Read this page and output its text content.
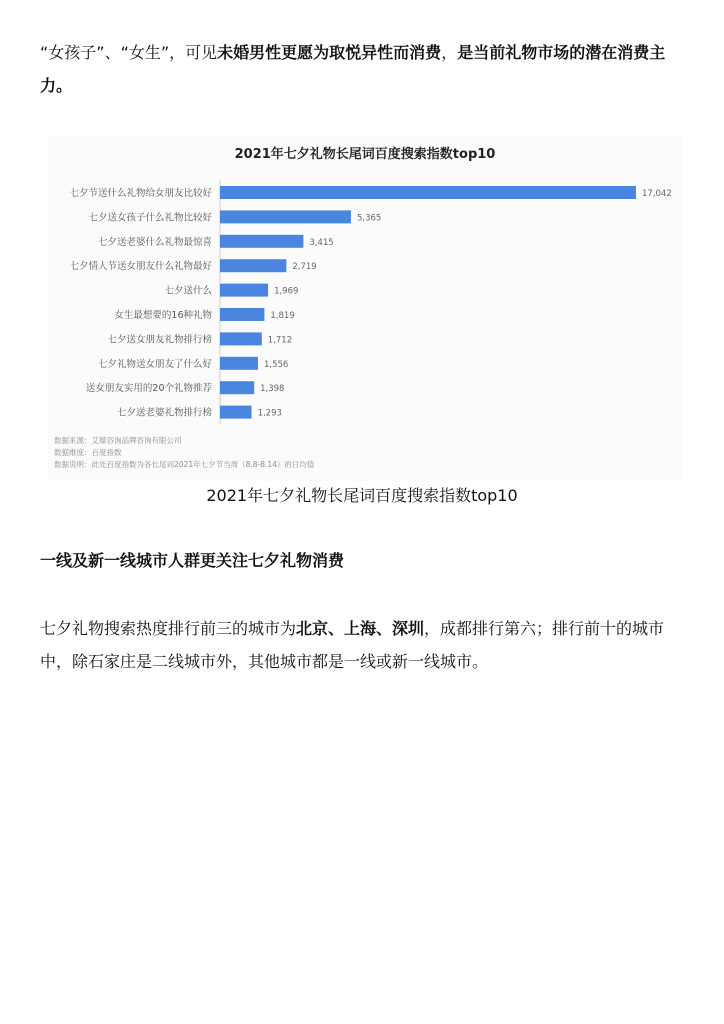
“女孩子”、“女生”，可见未婚男性更愿为取悦异性而消费，是当前礼物市场的潜在消费主力。

2021年七夕礼物长尾词百度搜索指数top10
七夕节送什么礼物给女朋友比较好	17,042
七夕送女孩子什么礼物比较好	5,365
七夕送老婆什么礼物最惊喜	3,415
七夕情人节送女朋友什么礼物最好	2,719
七夕送什么	1,969
女生最想要的16种礼物	1,819
七夕送女朋友礼物排行榜	1,712
七夕礼物送女朋友了什么好	1,556
送女朋友实用的20个礼物推荐	1,398
七夕送老婆礼物排行榜	1,293
数据来源：艾媒咨询品牌咨询有限公司
数据维度：百度指数
数据说明：此处百度指数为各长尾词2021年七夕节当周（8.8-8.14）的日均值
2021年七夕礼物长尾词百度搜索指数top10
一线及新一线城市人群更关注七夕礼物消费

七夕礼物搜索热度排行前三的城市为北京、上海、深圳，成都排行第六；排行前十的城市中，除石家庄是二线城市外，其他城市都是一线或新一线城市。
